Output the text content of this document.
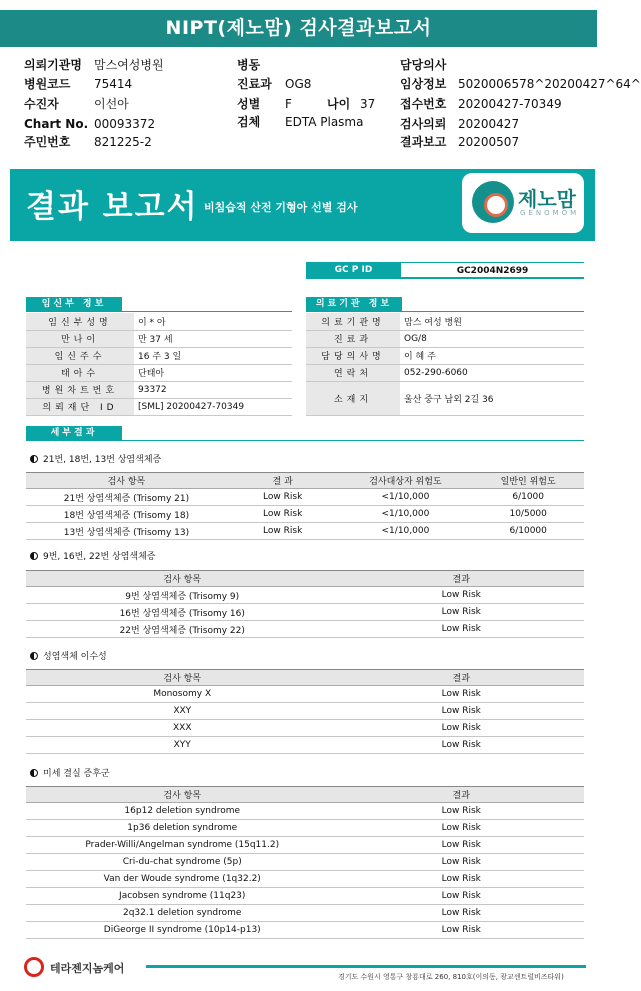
NIPT(제노맘) 검사결과보고서
의뢰기관명 맘스여성병원
병원코드 75414
수진자	이선아
Chart No. 00093372
주민번호 821225-2
병동
진료과 OG8
성별 F
검체 EDTA Plasma
담당의사
임상정보 5020006578^20200427^64^
접수번호 20200427-70349
검사의뢰 20200427
결과보고 20200507
나이 37
결과 보고서 비침습적 산전 기형아 선별 검사	제노맘
GENOMOM
GC P ID	GC2004N2699
임신부 정보	의료기관 정보
임신부성명	이 * 아
만나이	만 37 세
임신주수	16 주 3 일
태아수	단태아
병원차트번호	93372
의뢰재단 ID	[SML] 20200427-70349
의료기관명	맘스 여성 병원
진료과	OG/8
담당의사명	이 혜 주
연락처	052-290-6060
소재지	울산 중구 남외 2길 36
세부결과
21번, 18번, 13번 상염색체증
검사 항목	결 과	검사대상자 위험도	일반인 위험도
21번 상염색체증 (Trisomy 21)	Low Risk	<1/10,000	6/1000
18번 상염색체증 (Trisomy 18)	Low Risk	<1/10,000	10/5000
13번 상염색체증 (Trisomy 13)	Low Risk	<1/10,000	6/10000
9번, 16번, 22번 상염색체증
검사 항목	결과
9번 상염색체증 (Trisomy 9)	Low Risk
16번 상염색체증 (Trisomy 16)	Low Risk
22번 상염색체증 (Trisomy 22)	Low Risk
성염색체 이수성
검사 항목	결과
Monosomy X	Low Risk
XXY	Low Risk
XXX	Low Risk
XYY	Low Risk
미세 결실 증후군
검사 항목	결과
16p12 deletion syndrome	Low Risk
1p36 deletion syndrome	Low Risk
Prader-Willi/Angelman syndrome (15q11.2)	Low Risk
Cri-du-chat syndrome (5p)	Low Risk
Van der Woude syndrome (1q32.2)	Low Risk
Jacobsen syndrome (11q23)	Low Risk
2q32.1 deletion syndrome	Low Risk
DiGeorge II syndrome (10p14-p13)	Low Risk
테라젠지놈케어
경기도 수원시 영통구 창룡대로 260, 810호(이의동, 광교센트럴비즈타워)
